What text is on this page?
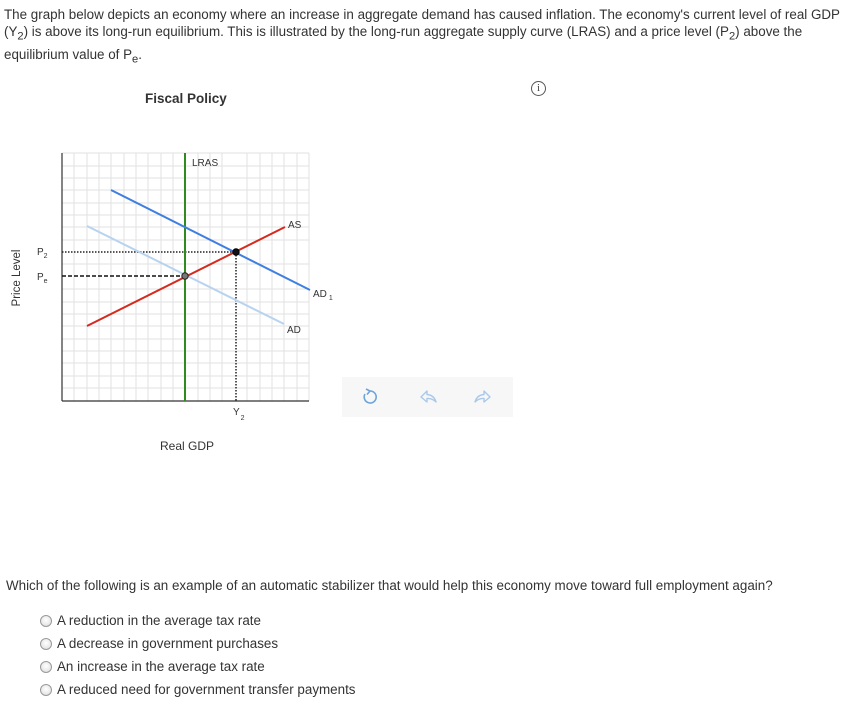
The graph below depicts an economy where an increase in aggregate demand has caused inflation. The economy's current level of real GDP $(Y_2)$ is above its long-run equilibrium. This is illustrated by the long-run aggregate supply curve (LRAS) and a price level $(P_2)$ above the equilibrium value of $P_e$.
i
Fiscal Policy
Price Level
Real GDP
LRAS
AS
AD
AD $_1$
$P_2$
$P_e$
$Y_2$
Which of the following is an example of an automatic stabilizer that would help this economy move toward full employment again?
A reduction in the average tax rate
A decrease in government purchases
An increase in the average tax rate
A reduced need for government transfer payments
